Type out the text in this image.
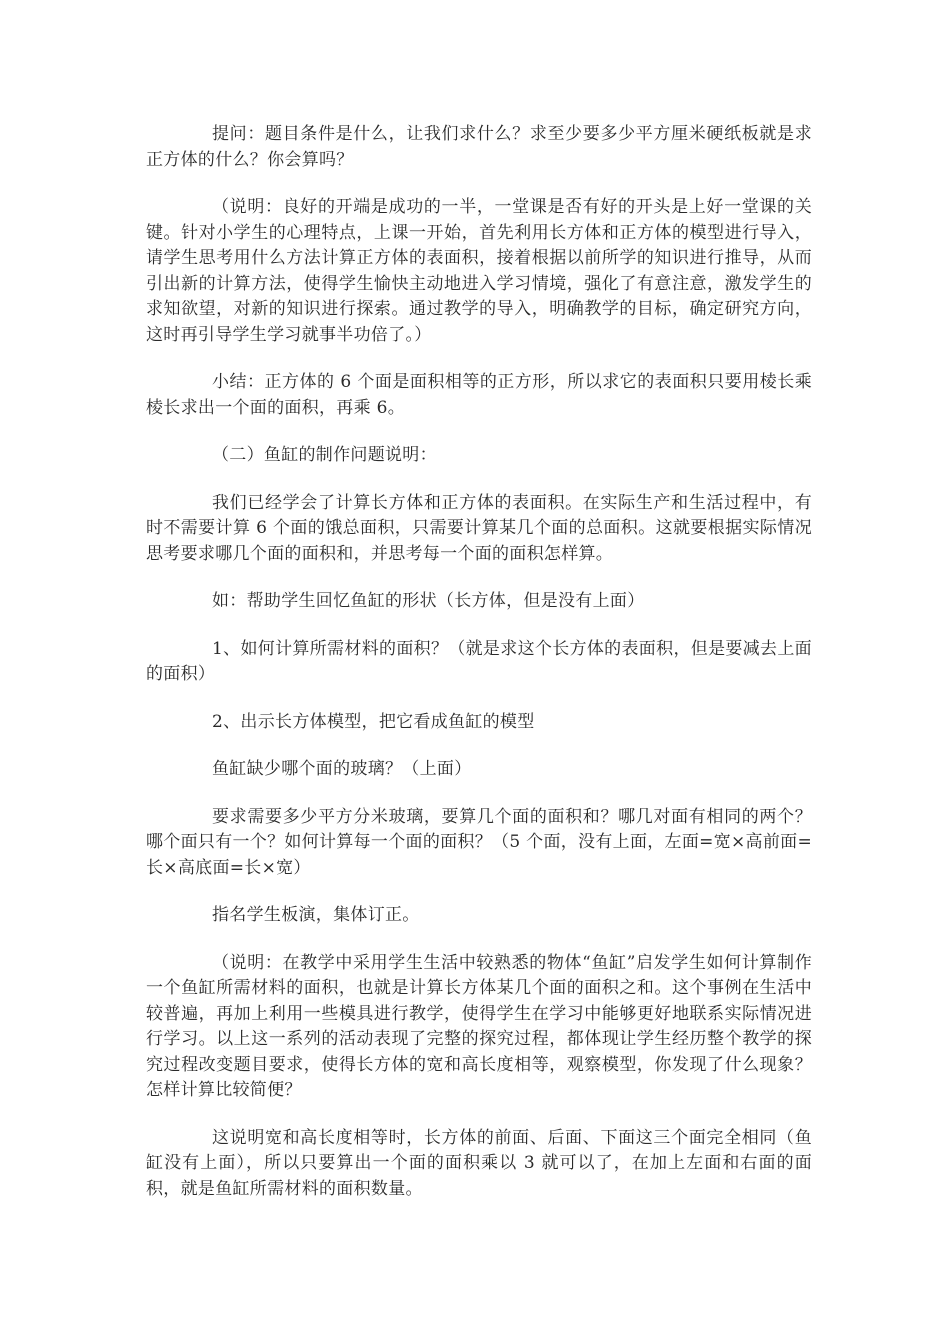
提问：题目条件是什么，让我们求什么？求至少要多少平方厘米硬纸板就是求正方体的什么？你会算吗？

（说明：良好的开端是成功的一半，一堂课是否有好的开头是上好一堂课的关键。针对小学生的心理特点，上课一开始，首先利用长方体和正方体的模型进行导入，请学生思考用什么方法计算正方体的表面积，接着根据以前所学的知识进行推导，从而引出新的计算方法，使得学生愉快主动地进入学习情境，强化了有意注意，激发学生的求知欲望，对新的知识进行探索。通过教学的导入，明确教学的目标，确定研究方向，这时再引导学生学习就事半功倍了。）

小结：正方体的 6 个面是面积相等的正方形，所以求它的表面积只要用棱长乘棱长求出一个面的面积，再乘 6。

（二）鱼缸的制作问题说明：

我们已经学会了计算长方体和正方体的表面积。在实际生产和生活过程中，有时不需要计算 6 个面的饿总面积，只需要计算某几个面的总面积。这就要根据实际情况思考要求哪几个面的面积和，并思考每一个面的面积怎样算。

如：帮助学生回忆鱼缸的形状（长方体，但是没有上面）

1、如何计算所需材料的面积？（就是求这个长方体的表面积，但是要减去上面的面积）

2、出示长方体模型，把它看成鱼缸的模型

鱼缸缺少哪个面的玻璃？（上面）

要求需要多少平方分米玻璃，要算几个面的面积和？哪几对面有相同的两个？哪个面只有一个？如何计算每一个面的面积？（5 个面，没有上面，左面=宽×高前面=长×高底面=长×宽）

指名学生板演，集体订正。

（说明：在教学中采用学生生活中较熟悉的物体“鱼缸”启发学生如何计算制作一个鱼缸所需材料的面积，也就是计算长方体某几个面的面积之和。这个事例在生活中较普遍，再加上利用一些模具进行教学，使得学生在学习中能够更好地联系实际情况进行学习。以上这一系列的活动表现了完整的探究过程，都体现让学生经历整个教学的探究过程改变题目要求，使得长方体的宽和高长度相等，观察模型，你发现了什么现象？怎样计算比较简便？

这说明宽和高长度相等时，长方体的前面、后面、下面这三个面完全相同（鱼缸没有上面），所以只要算出一个面的面积乘以 3 就可以了，在加上左面和右面的面积，就是鱼缸所需材料的面积数量。
